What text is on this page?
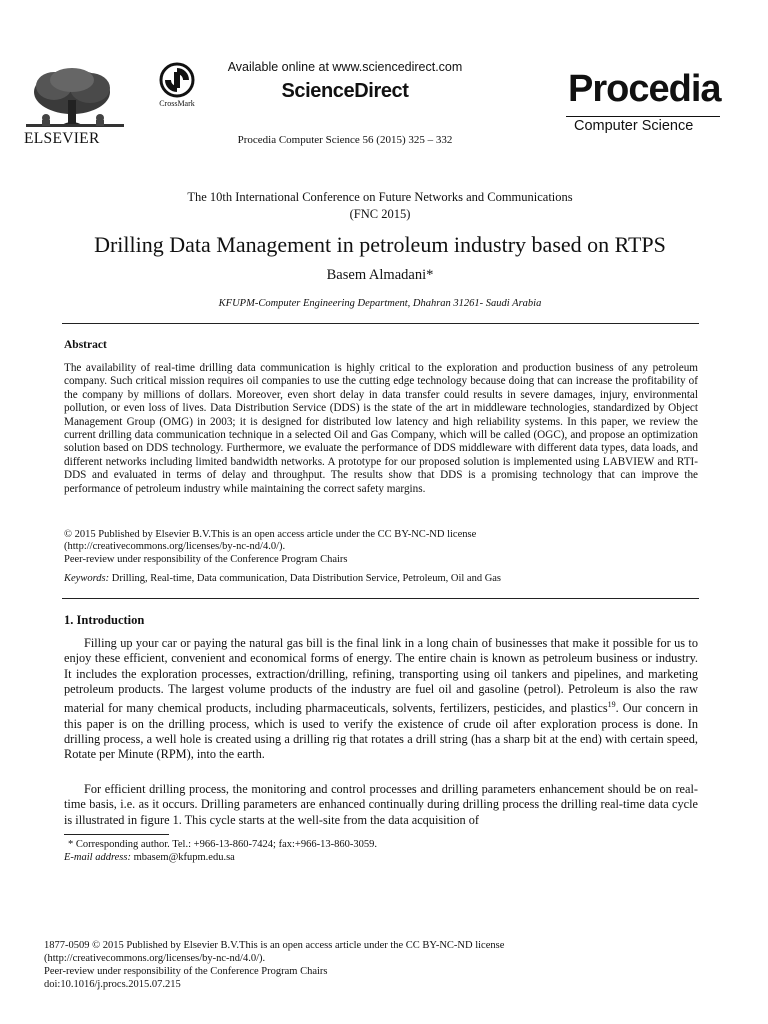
ELSEVIER
CrossMark
Available online at www.sciencedirect.com
ScienceDirect
Procedia Computer Science 56 (2015) 325 – 332
Procedia
Computer Science
The 10th International Conference on Future Networks and Communications
(FNC 2015)
Drilling Data Management in petroleum industry based on RTPS
Basem Almadani*
KFUPM-Computer Engineering Department, Dhahran 31261- Saudi Arabia
Abstract
The availability of real-time drilling data communication is highly critical to the exploration and production business of any petroleum company. Such critical mission requires oil companies to use the cutting edge technology because doing that can increase the profitability of the company by millions of dollars. Moreover, even short delay in data transfer could results in severe damages, injury, environmental pollution, or even loss of lives. Data Distribution Service (DDS) is the state of the art in middleware technologies, standardized by Object Management Group (OMG) in 2003; it is designed for distributed low latency and high reliability systems. In this paper, we review the current drilling data communication technique in a selected Oil and Gas Company, which will be called (OGC), and propose an optimization solution based on DDS technology. Furthermore, we evaluate the performance of DDS middleware with different data types, data loads, and different networks including limited bandwidth networks. A prototype for our proposed solution is implemented using LABVIEW and RTI-DDS and evaluated in terms of delay and throughput. The results show that DDS is a promising technology that can improve the performance of petroleum industry while maintaining the correct safety margins.
© 2015 Published by Elsevier B.V.This is an open access article under the CC BY-NC-ND license
(http://creativecommons.org/licenses/by-nc-nd/4.0/).
Peer-review under responsibility of the Conference Program Chairs
Keywords: Drilling, Real-time, Data communication, Data Distribution Service, Petroleum, Oil and Gas
1. Introduction

Filling up your car or paying the natural gas bill is the final link in a long chain of businesses that make it possible for us to enjoy these efficient, convenient and economical forms of energy. The entire chain is known as petroleum business or industry. It includes the exploration processes, extraction/drilling, refining, transporting using oil tankers and pipelines, and marketing petroleum products. The largest volume products of the industry are fuel oil and gasoline (petrol). Petroleum is also the raw material for many chemical products, including pharmaceuticals, solvents, fertilizers, pesticides, and plastics$^{19}$. Our concern in this paper is on the drilling process, which is used to verify the existence of crude oil after exploration process is done. In drilling process, a well hole is created using a drilling rig that rotates a drill string (has a sharp bit at the end) with certain speed, Rotate per Minute (RPM), into the earth.

For efficient drilling process, the monitoring and control processes and drilling parameters enhancement should be on real-time basis, i.e. as it occurs. Drilling parameters are enhanced continually during drilling process the drilling real-time data cycle is illustrated in figure 1. This cycle starts at the well-site from the data acquisition of

* Corresponding author. Tel.: +966-13-860-7424; fax:+966-13-860-3059.
E-mail address: mbasem@kfupm.edu.sa
1877-0509 © 2015 Published by Elsevier B.V.This is an open access article under the CC BY-NC-ND license
(http://creativecommons.org/licenses/by-nc-nd/4.0/).
Peer-review under responsibility of the Conference Program Chairs
doi:10.1016/j.procs.2015.07.215
